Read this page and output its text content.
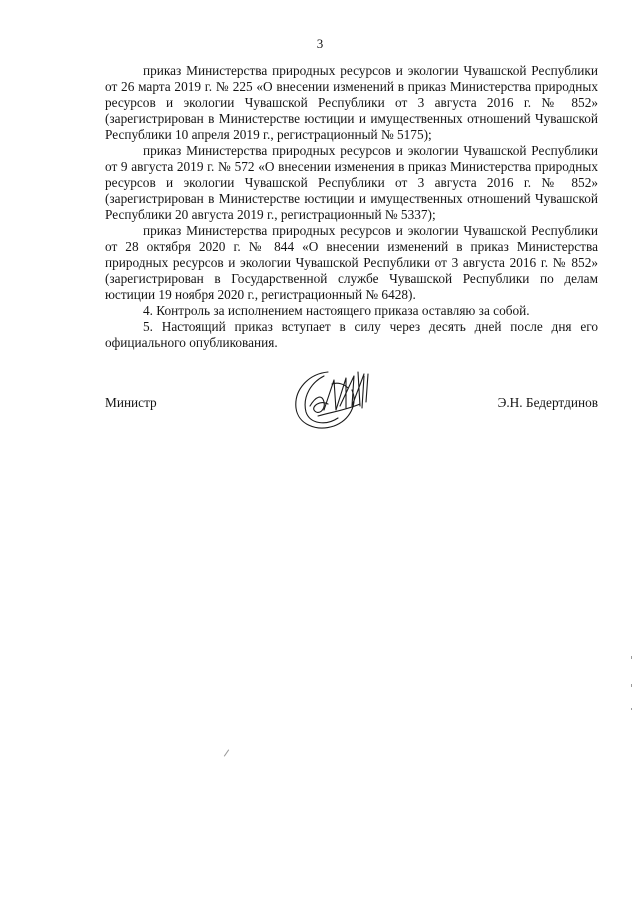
3

приказ Министерства природных ресурсов и экологии Чувашской Республики от 26 марта 2019 г. № 225 «О внесении изменений в приказ Министерства природных ресурсов и экологии Чувашской Республики от 3 августа 2016 г. № 852» (зарегистрирован в Министерстве юстиции и имущественных отношений Чувашской Республики 10 апреля 2019 г., регистрационный № 5175);

приказ Министерства природных ресурсов и экологии Чувашской Республики от 9 августа 2019 г. № 572 «О внесении изменения в приказ Министерства природных ресурсов и экологии Чувашской Республики от 3 августа 2016 г. № 852» (зарегистрирован в Министерстве юстиции и имущественных отношений Чувашской Республики 20 августа 2019 г., регистрационный № 5337);

приказ Министерства природных ресурсов и экологии Чувашской Республики от 28 октября 2020 г. № 844 «О внесении изменений в приказ Министерства природных ресурсов и экологии Чувашской Республики от 3 августа 2016 г. № 852» (зарегистрирован в Государственной службе Чувашской Республики по делам юстиции 19 ноября 2020 г., регистрационный № 6428).

4. Контроль за исполнением настоящего приказа оставляю за собой.

5. Настоящий приказ вступает в силу через десять дней после дня его официального опубликования.

Министр	Э.Н. Бедертдинов
